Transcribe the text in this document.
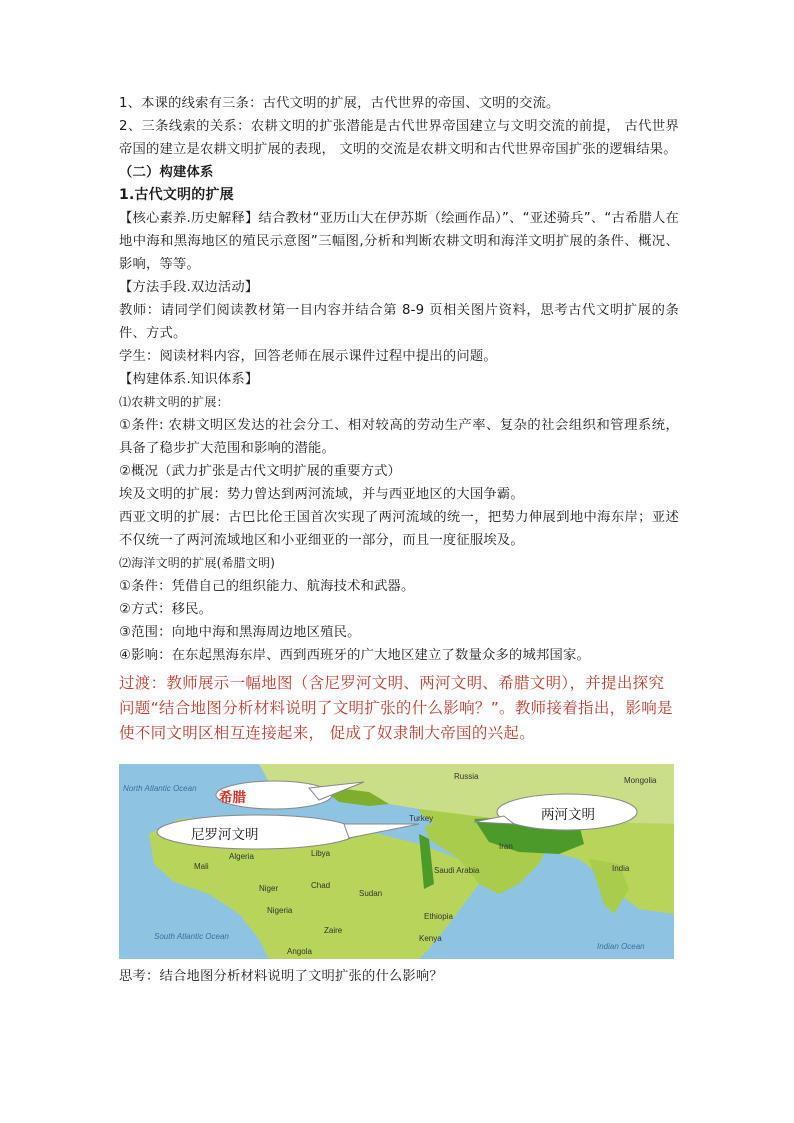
1、本课的线索有三条：古代文明的扩展，古代世界的帝国、文明的交流。

2、三条线索的关系：农耕文明的扩张潜能是古代世界帝国建立与文明交流的前提， 古代世界帝国的建立是农耕文明扩展的表现， 文明的交流是农耕文明和古代世界帝国扩张的逻辑结果。

（二）构建体系

1.古代文明的扩展

【核心素养.历史解释】结合教材“亚历山大在伊苏斯（绘画作品）”、“亚述骑兵”、“古希腊人在地中海和黑海地区的殖民示意图”三幅图,分析和判断农耕文明和海洋文明扩展的条件、概况、影响，等等。

【方法手段.双边活动】

教师：请同学们阅读教材第一目内容并结合第 8-9 页相关图片资料，思考古代文明扩展的条件、方式。

学生：阅读材料内容，回答老师在展示课件过程中提出的问题。

【构建体系.知识体系】

⑴农耕文明的扩展：

①条件: 农耕文明区发达的社会分工、相对较高的劳动生产率、复杂的社会组织和管理系统，具备了稳步扩大范围和影响的潜能。

②概况（武力扩张是古代文明扩展的重要方式）

埃及文明的扩展：势力曾达到两河流域，并与西亚地区的大国争霸。

西亚文明的扩展：古巴比伦王国首次实现了两河流域的统一，把势力伸展到地中海东岸；亚述不仅统一了两河流域地区和小亚细亚的一部分，而且一度征服埃及。

⑵海洋文明的扩展(希腊文明)

①条件：凭借自己的组织能力、航海技术和武器。

②方式：移民。

③范围：向地中海和黑海周边地区殖民。

④影响：在东起黑海东岸、西到西班牙的广大地区建立了数量众多的城邦国家。

过渡：教师展示一幅地图（含尼罗河文明、两河文明、希腊文明），并提出探究问题“结合地图分析材料说明了文明扩张的什么影响？”。教师接着指出，影响是使不同文明区相互连接起来， 促成了奴隶制大帝国的兴起。

希腊
尼罗河文明
两河文明
Russia
Libya
Chad
Niger
Sudan
Nigeria
Zaire
Angola
Iran
India
Saudi Arabia
Ethiopia
Kenya
Mongolia
Turkey
Mali
Algeria
North Atlantic Ocean
South Atlantic Ocean
Indian Ocean

思考：结合地图分析材料说明了文明扩张的什么影响？
